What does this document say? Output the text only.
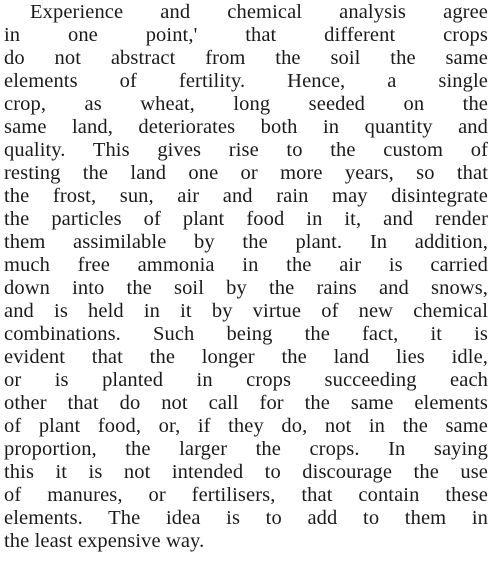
Experience and chemical analysis agree
in one point,' that different crops
do not abstract from the soil the same
elements of fertility. Hence, a single
crop, as wheat, long seeded on the
same land, deteriorates both in quantity and
quality. This gives rise to the custom of
resting the land one or more years, so that
the frost, sun, air and rain may disintegrate
the particles of plant food in it, and render
them assimilable by the plant. In addition,
much free ammonia in the air is carried
down into the soil by the rains and snows,
and is held in it by virtue of new chemical
combinations. Such being the fact, it is
evident that the longer the land lies idle,
or is planted in crops succeeding each
other that do not call for the same elements
of plant food, or, if they do, not in the same
proportion, the larger the crops. In saying
this it is not intended to discourage the use
of manures, or fertilisers, that contain these
elements. The idea is to add to them in
the least expensive way.
